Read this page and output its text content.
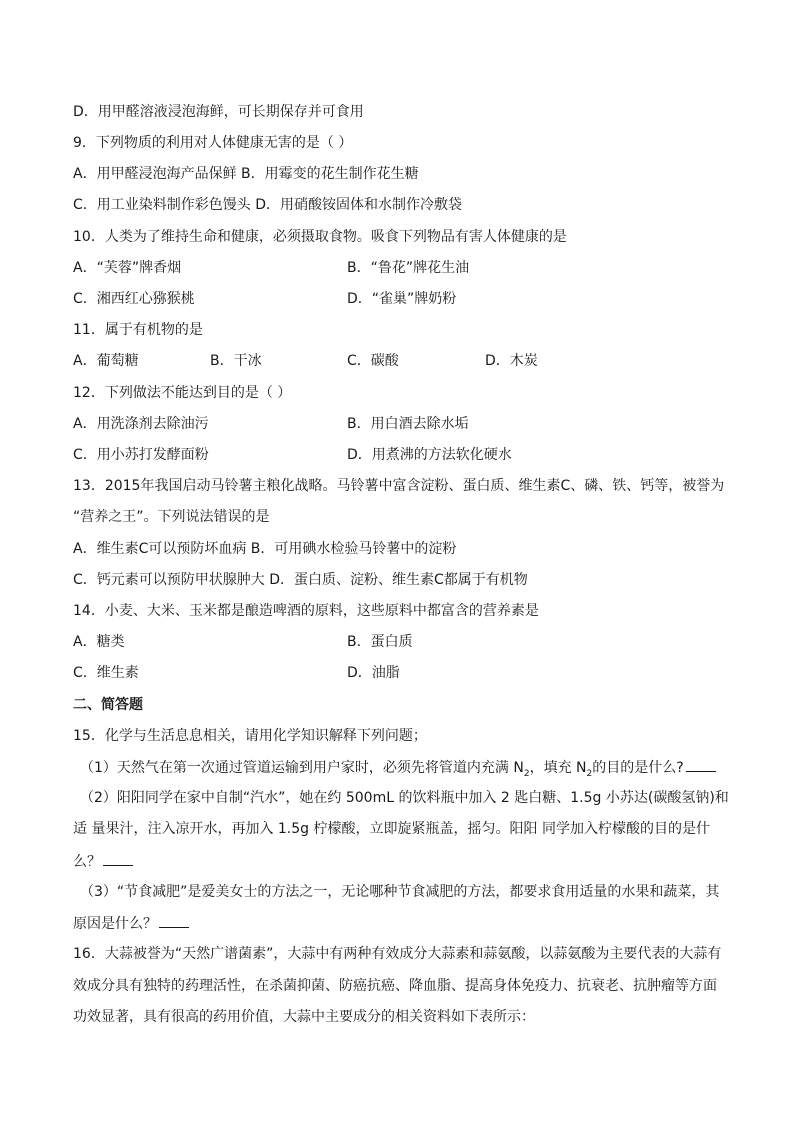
D．用甲醛溶液浸泡海鲜，可长期保存并可食用
9．下列物质的利用对人体健康无害的是（ ）
A．用甲醛浸泡海产品保鲜 B．用霉变的花生制作花生糖
C．用工业染料制作彩色馒头 D．用硝酸铵固体和水制作冷敷袋
10．人类为了维持生命和健康，必须摄取食物。吸食下列物品有害人体健康的是
A．“芙蓉”牌香烟	B．“鲁花”牌花生油
C．湘西红心猕猴桃	D．“雀巢”牌奶粉
11．属于有机物的是
A．葡萄糖	B．干冰	C．碳酸	D．木炭
12．下列做法不能达到目的是（ ）
A．用洗涤剂去除油污	B．用白酒去除水垢
C．用小苏打发酵面粉	D．用煮沸的方法软化硬水
13．2015年我国启动马铃薯主粮化战略。马铃薯中富含淀粉、蛋白质、维生素C、磷、铁、钙等，被誉为
“营养之王”。下列说法错误的是
A．维生素C可以预防坏血病 B．可用碘水检验马铃薯中的淀粉
C．钙元素可以预防甲状腺肿大 D．蛋白质、淀粉、维生素C都属于有机物
14．小麦、大米、玉米都是酿造啤酒的原料，这些原料中都富含的营养素是
A．糖类	B．蛋白质
C．维生素	D．油脂
二、简答题
15．化学与生活息息相关，请用化学知识解释下列问题；
（1）天然气在第一次通过管道运输到用户家时，必须先将管道内充满 $N_2$，填充 $N_2$的目的是什么?
（2）阳阳同学在家中自制“汽水”，她在约 500mL 的饮料瓶中加入 2 匙白糖、1.5g 小苏达(碳酸氢钠)和
适 量果汁，注入凉开水，再加入 1.5g 柠檬酸，立即旋紧瓶盖，摇匀。阳阳 同学加入柠檬酸的目的是什
么？
（3）“节食减肥”是爱美女士的方法之一，无论哪种节食减肥的方法，都要求食用适量的水果和蔬菜，其
原因是什么？
16．大蒜被誉为“天然广谱菌素”，大蒜中有两种有效成分大蒜素和蒜氨酸，以蒜氨酸为主要代表的大蒜有
效成分具有独特的药理活性，在杀菌抑菌、防癌抗癌、降血脂、提高身体免疫力、抗衰老、抗肿瘤等方面
功效显著，具有很高的药用价值，大蒜中主要成分的相关资料如下表所示：
